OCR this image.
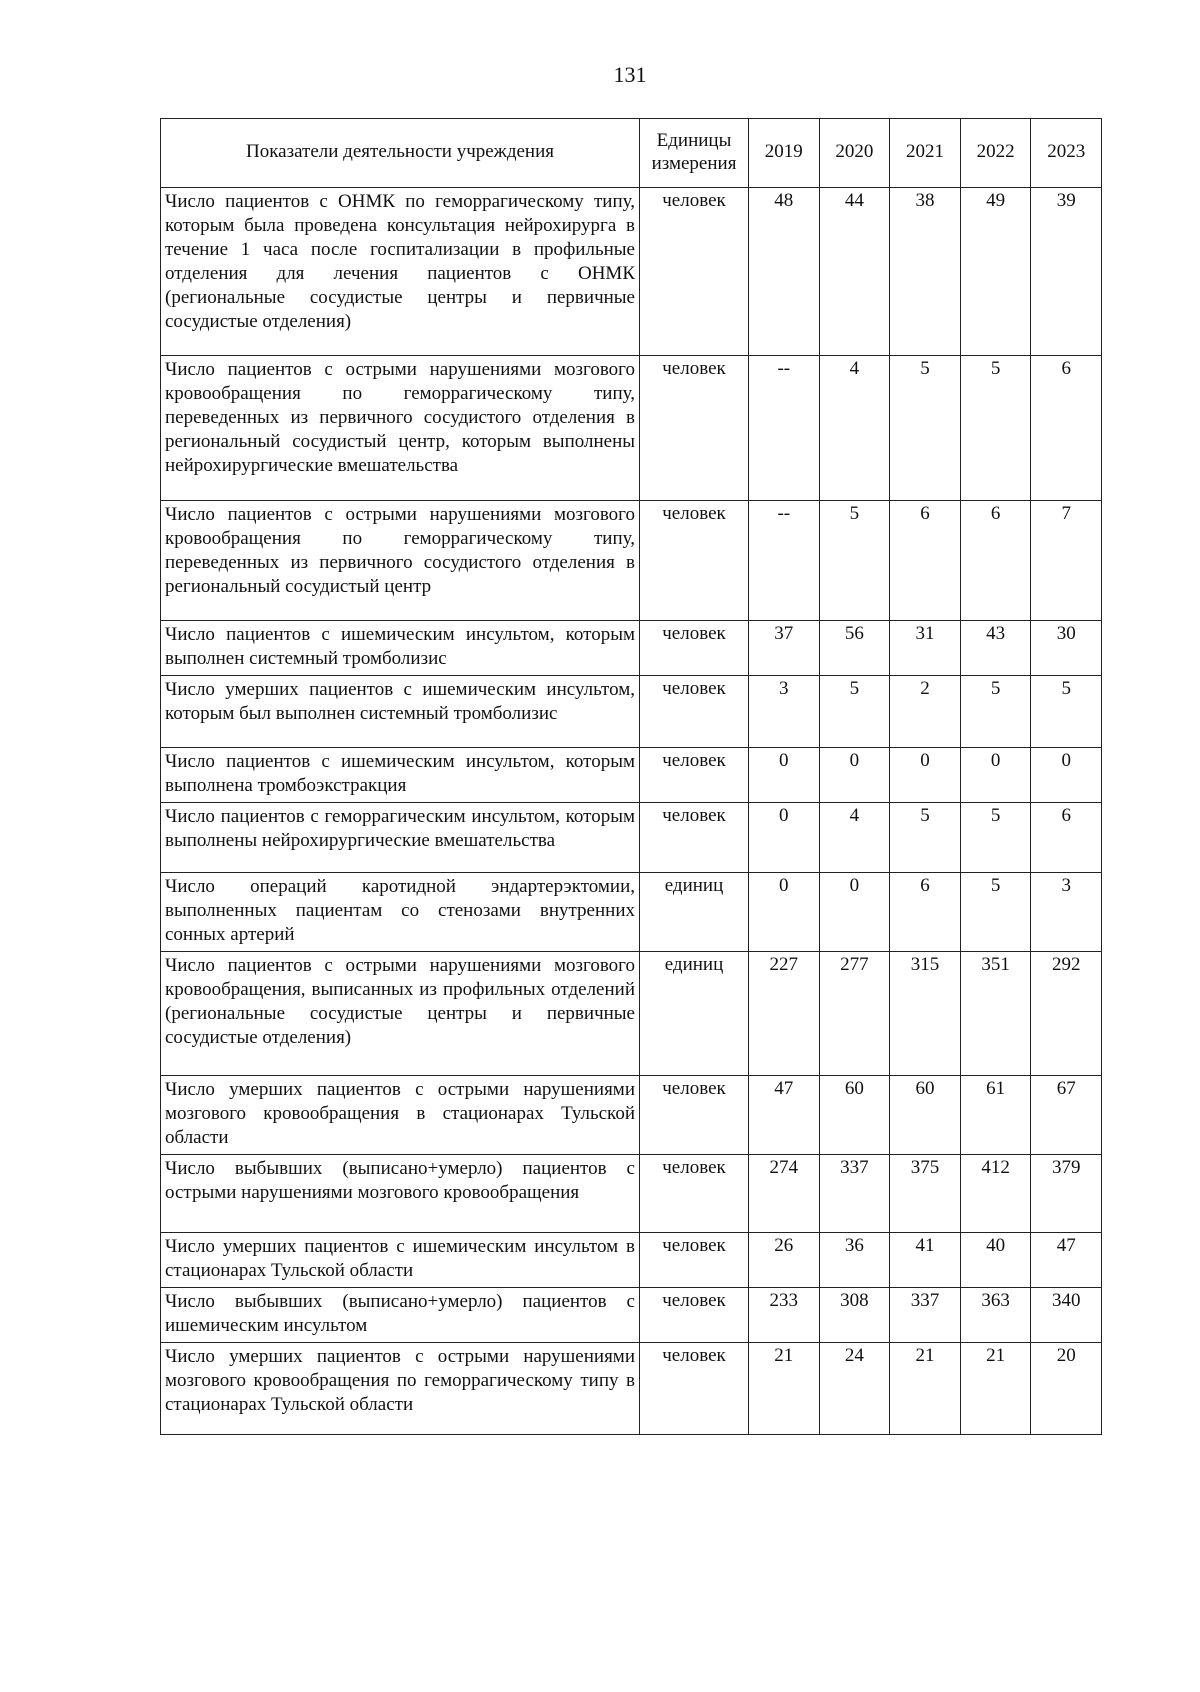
131
Показатели деятельности учреждения	Единицы измерения	2019	2020	2021	2022	2023
Число пациентов с ОНМК по геморрагическому типу, которым была проведена консультация нейрохирурга в течение 1 часа после госпитализации в профильные отделения для лечения пациентов с ОНМК (региональные сосудистые центры и первичные сосудистые отделения)	человек	48	44	38	49	39
Число пациентов с острыми нарушениями мозгового кровообращения по геморрагическому типу, переведенных из первичного сосудистого отделения в региональный сосудистый центр, которым выполнены нейрохирургические вмешательства	человек	--	4	5	5	6
Число пациентов с острыми нарушениями мозгового кровообращения по геморрагическому типу, переведенных из первичного сосудистого отделения в региональный сосудистый центр	человек	--	5	6	6	7
Число пациентов с ишемическим инсультом, которым выполнен системный тромболизис	человек	37	56	31	43	30
Число умерших пациентов с ишемическим инсультом, которым был выполнен системный тромболизис	человек	3	5	2	5	5
Число пациентов с ишемическим инсультом, которым выполнена тромбоэкстракция	человек	0	0	0	0	0
Число пациентов с геморрагическим инсультом, которым выполнены нейрохирургические вмешательства	человек	0	4	5	5	6
Число операций каротидной эндартерэктомии, выполненных пациентам со стенозами внутренних сонных артерий	единиц	0	0	6	5	3
Число пациентов с острыми нарушениями мозгового кровообращения, выписанных из профильных отделений (региональные сосудистые центры и первичные сосудистые отделения)	единиц	227	277	315	351	292
Число умерших пациентов с острыми нарушениями мозгового кровообращения в стационарах Тульской области	человек	47	60	60	61	67
Число выбывших (выписано+умерло) пациентов с острыми нарушениями мозгового кровообращения	человек	274	337	375	412	379
Число умерших пациентов с ишемическим инсультом в стационарах Тульской области	человек	26	36	41	40	47
Число выбывших (выписано+умерло) пациентов с ишемическим инсультом	человек	233	308	337	363	340
Число умерших пациентов с острыми нарушениями мозгового кровообращения по геморрагическому типу в стационарах Тульской области	человек	21	24	21	21	20
